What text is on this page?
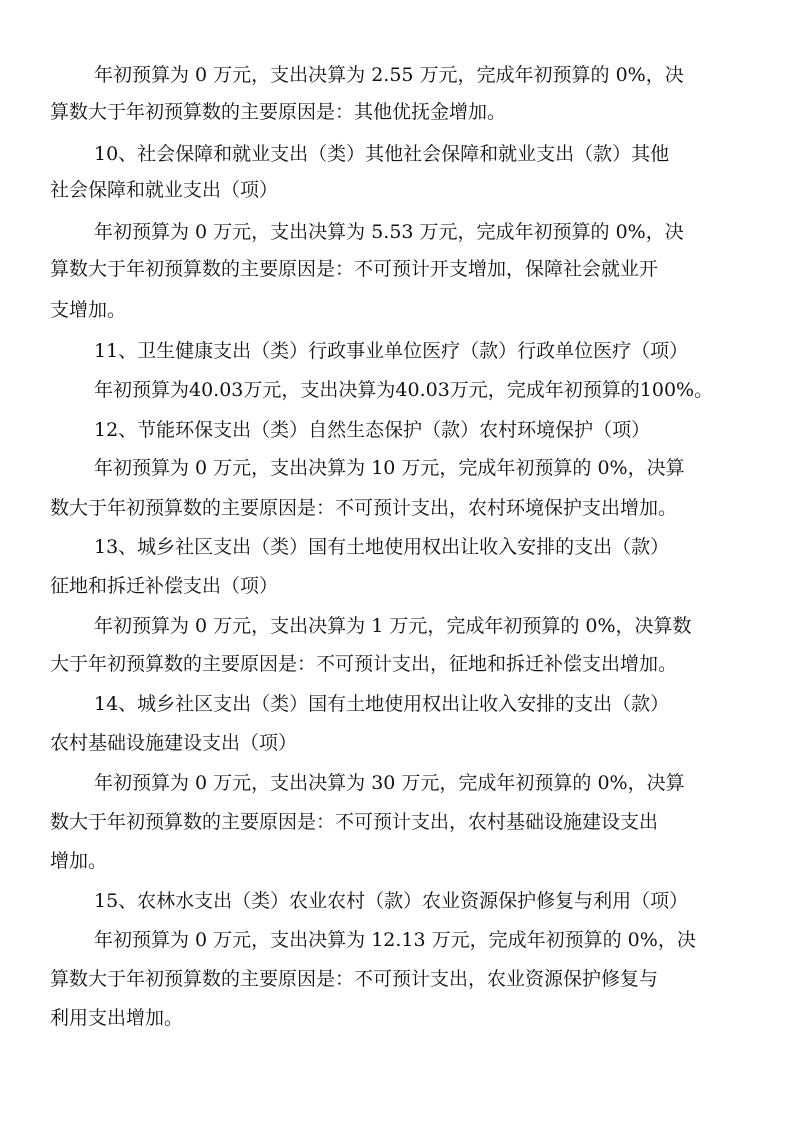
年初预算为 0 万元，支出决算为 2.55 万元，完成年初预算的 0%，决
算数大于年初预算数的主要原因是：其他优抚金增加。
10、社会保障和就业支出（类）其他社会保障和就业支出（款）其他
社会保障和就业支出（项）
年初预算为 0 万元，支出决算为 5.53 万元，完成年初预算的 0%，决
算数大于年初预算数的主要原因是：不可预计开支增加，保障社会就业开
支增加。
11、卫生健康支出（类）行政事业单位医疗（款）行政单位医疗（项）
年初预算为40.03万元，支出决算为40.03万元，完成年初预算的100%。
12、节能环保支出（类）自然生态保护（款）农村环境保护（项）
年初预算为 0 万元，支出决算为 10 万元，完成年初预算的 0%，决算
数大于年初预算数的主要原因是：不可预计支出，农村环境保护支出增加。
13、城乡社区支出（类）国有土地使用权出让收入安排的支出（款）
征地和拆迁补偿支出（项）
年初预算为 0 万元，支出决算为 1 万元，完成年初预算的 0%，决算数
大于年初预算数的主要原因是：不可预计支出，征地和拆迁补偿支出增加。
14、城乡社区支出（类）国有土地使用权出让收入安排的支出（款）
农村基础设施建设支出（项）
年初预算为 0 万元，支出决算为 30 万元，完成年初预算的 0%，决算
数大于年初预算数的主要原因是：不可预计支出，农村基础设施建设支出
增加。
15、农林水支出（类）农业农村（款）农业资源保护修复与利用（项）
年初预算为 0 万元，支出决算为 12.13 万元，完成年初预算的 0%，决
算数大于年初预算数的主要原因是：不可预计支出，农业资源保护修复与
利用支出增加。
